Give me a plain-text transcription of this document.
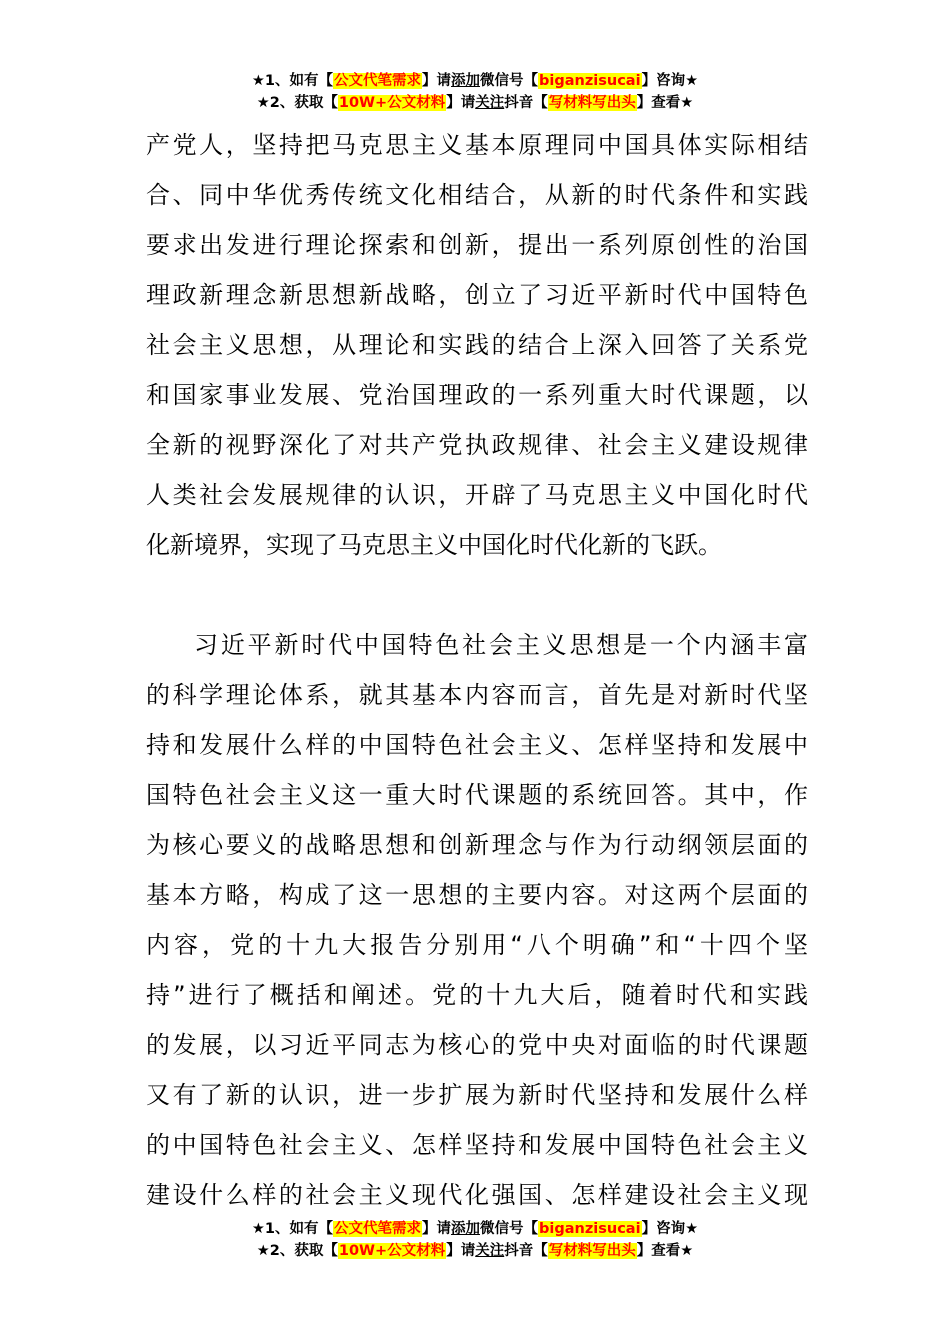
★1、如有【公文代笔需求】请添加微信号【biganzisucai】咨询★
★2、获取【10W+公文材料】请关注抖音【写材料写出头】查看★
产党人，坚持把马克思主义基本原理同中国具体实际相结
合、同中华优秀传统文化相结合，从新的时代条件和实践
要求出发进行理论探索和创新，提出一系列原创性的治国
理政新理念新思想新战略，创立了习近平新时代中国特色
社会主义思想，从理论和实践的结合上深入回答了关系党
和国家事业发展、党治国理政的一系列重大时代课题，以
全新的视野深化了对共产党执政规律、社会主义建设规律
人类社会发展规律的认识，开辟了马克思主义中国化时代
化新境界，实现了马克思主义中国化时代化新的飞跃。
习近平新时代中国特色社会主义思想是一个内涵丰富
的科学理论体系，就其基本内容而言，首先是对新时代坚
持和发展什么样的中国特色社会主义、怎样坚持和发展中
国特色社会主义这一重大时代课题的系统回答。其中，作
为核心要义的战略思想和创新理念与作为行动纲领层面的
基本方略，构成了这一思想的主要内容。对这两个层面的
内容，党的十九大报告分别用“八个明确”和“十四个坚
持”进行了概括和阐述。党的十九大后，随着时代和实践
的发展，以习近平同志为核心的党中央对面临的时代课题
又有了新的认识，进一步扩展为新时代坚持和发展什么样
的中国特色社会主义、怎样坚持和发展中国特色社会主义
建设什么样的社会主义现代化强国、怎样建设社会主义现
★1、如有【公文代笔需求】请添加微信号【biganzisucai】咨询★
★2、获取【10W+公文材料】请关注抖音【写材料写出头】查看★
